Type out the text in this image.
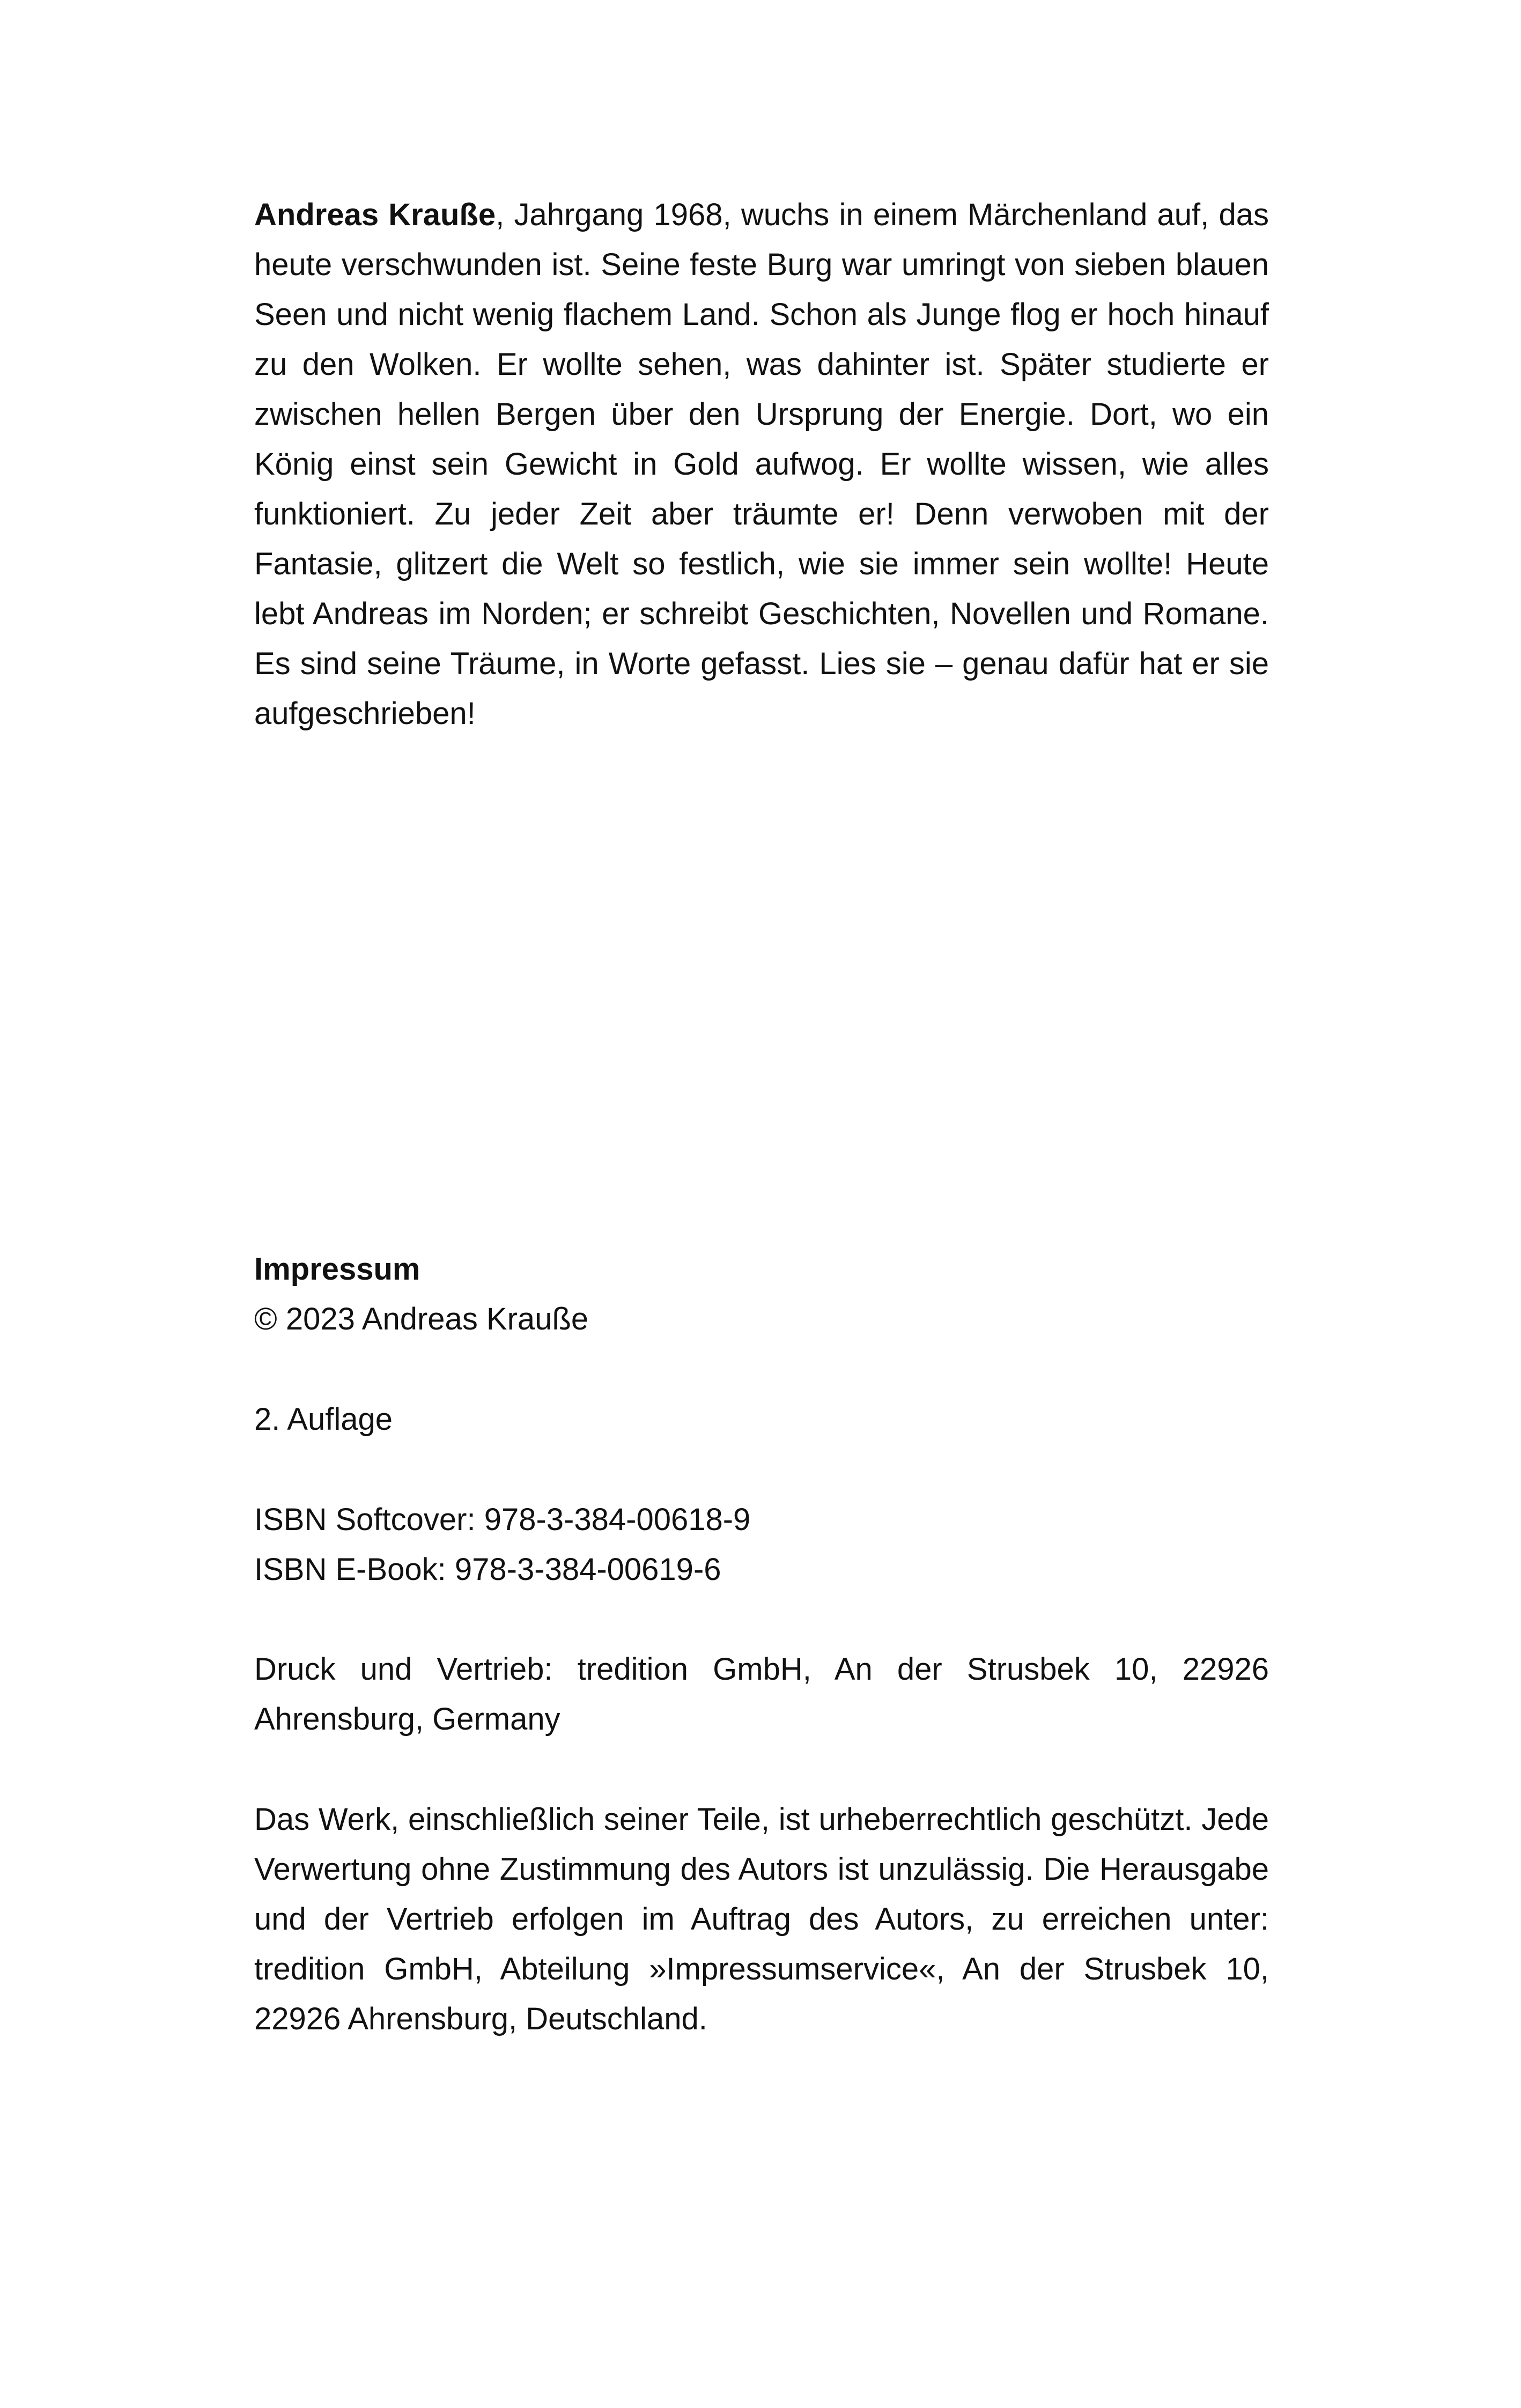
Andreas Krauße, Jahrgang 1968, wuchs in einem Märchenland auf, das heute verschwunden ist. Seine feste Burg war umringt von sieben blauen Seen und nicht wenig flachem Land. Schon als Junge flog er hoch hinauf zu den Wolken. Er wollte sehen, was dahinter ist. Später studierte er zwischen hellen Bergen über den Ursprung der Energie. Dort, wo ein König einst sein Gewicht in Gold aufwog. Er wollte wissen, wie alles funktioniert. Zu jeder Zeit aber träumte er! Denn verwoben mit der Fantasie, glitzert die Welt so festlich, wie sie immer sein wollte! Heute lebt Andreas im Norden; er schreibt Geschichten, Novellen und Romane. Es sind seine Träume, in Worte gefasst. Lies sie – genau dafür hat er sie aufgeschrieben!

Impressum
© 2023 Andreas Krauße
2. Auflage
ISBN Softcover: 978-3-384-00618-9
ISBN E-Book: 978-3-384-00619-6

Druck und Vertrieb: tredition GmbH, An der Strusbek 10, 22926 Ahrensburg, Germany

Das Werk, einschließlich seiner Teile, ist urheberrechtlich geschützt. Jede Verwertung ohne Zustimmung des Autors ist unzulässig. Die Herausgabe und der Vertrieb erfolgen im Auftrag des Autors, zu erreichen unter: tredition GmbH, Abteilung »Impressumservice«, An der Strusbek 10, 22926 Ahrensburg, Deutschland.
